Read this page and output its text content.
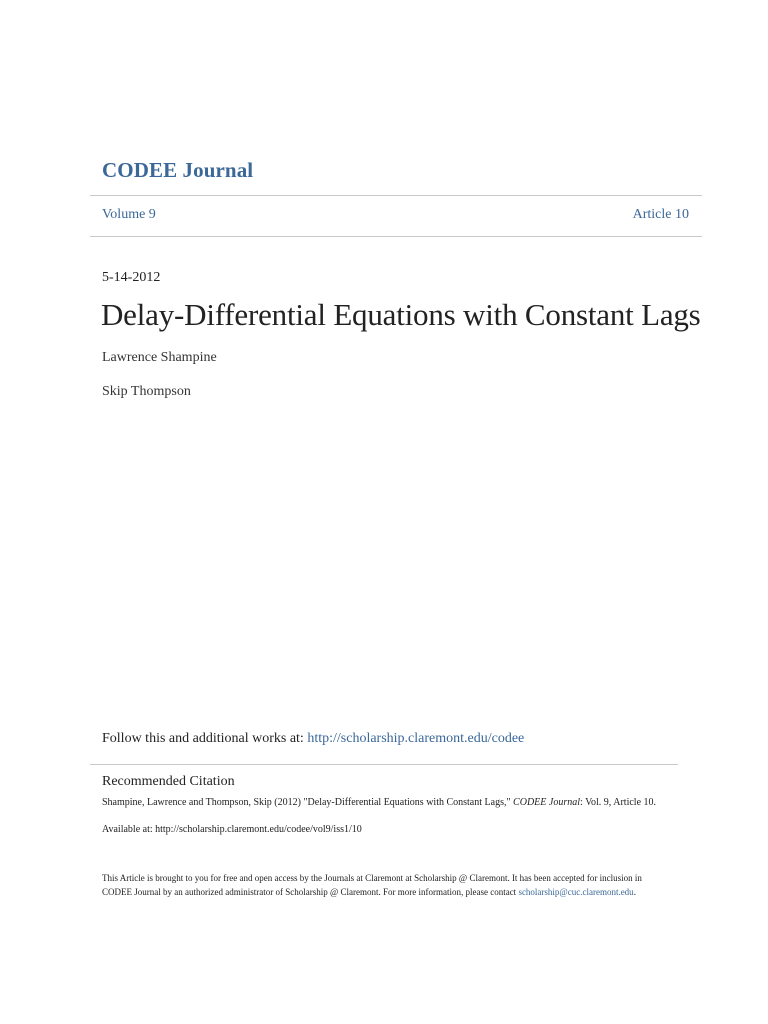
CODEE Journal
Volume 9	Article 10
5-14-2012
Delay-Differential Equations with Constant Lags
Lawrence Shampine
Skip Thompson
Follow this and additional works at: http://scholarship.claremont.edu/codee
Recommended Citation
Shampine, Lawrence and Thompson, Skip (2012) "Delay-Differential Equations with Constant Lags," CODEE Journal: Vol. 9, Article 10.
Available at: http://scholarship.claremont.edu/codee/vol9/iss1/10
This Article is brought to you for free and open access by the Journals at Claremont at Scholarship @ Claremont. It has been accepted for inclusion in CODEE Journal by an authorized administrator of Scholarship @ Claremont. For more information, please contact scholarship@cuc.claremont.edu.
